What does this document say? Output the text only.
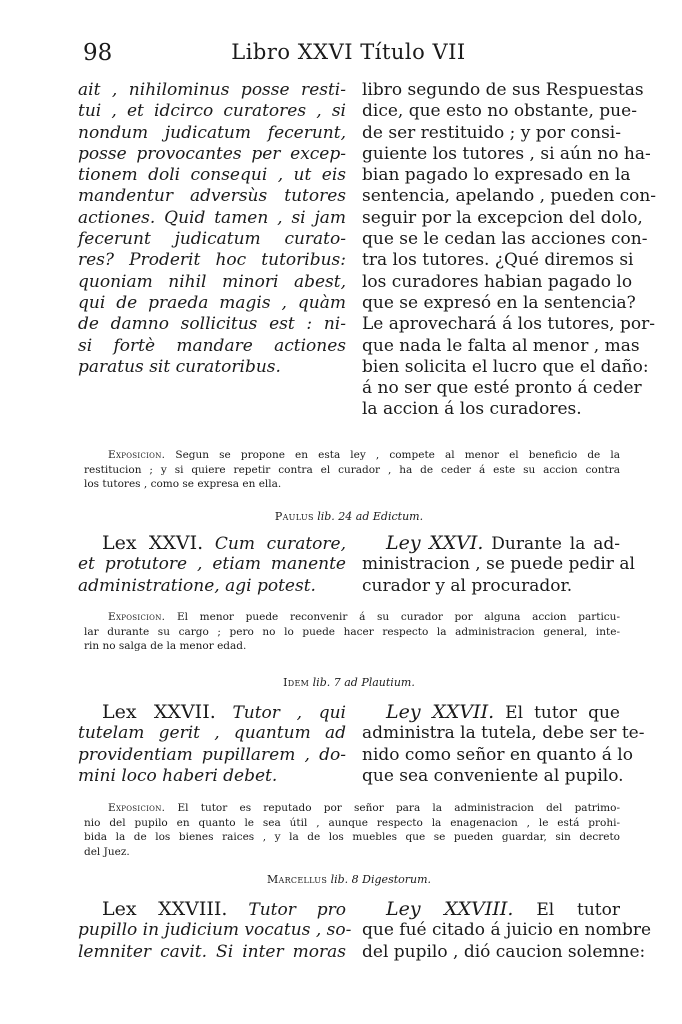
98	Libro XXVI Título VII
ait , nihilominus posse resti-
tui , et idcirco curatores , si
nondum judicatum fecerunt,
posse provocantes per excep-
tionem doli consequi , ut eis
mandentur adversùs tutores
actiones. Quid tamen , si jam
fecerunt judicatum curato-
res? Proderit hoc tutoribus:
quoniam nihil minori abest,
qui de praeda magis , quàm
de damno sollicitus est : ni-
si fortè mandare actiones
paratus sit curatoribus.
libro segundo de sus Respuestas
dice, que esto no obstante, pue-
de ser restituido ; y por consi-
guiente los tutores , si aún no ha-
bian pagado lo expresado en la
sentencia, apelando , pueden con-
seguir por la excepcion del dolo,
que se le cedan las acciones con-
tra los tutores. ¿Qué diremos si
los curadores habian pagado lo
que se expresó en la sentencia?
Le aprovechará á los tutores, por-
que nada le falta al menor , mas
bien solicita el lucro que el daño:
á no ser que esté pronto á ceder
la accion á los curadores.
Exposicion. Segun se propone en esta ley , compete al menor el beneficio de la
restitucion ; y si quiere repetir contra el curador , ha de ceder á este su accion contra
los tutores , como se expresa en ella.
Paulus lib. 24 ad Edictum.
Lex XXVI. Cum curatore,
et protutore , etiam manente
administratione, agi potest.
Ley XXVI. Durante la ad-
ministracion , se puede pedir al
curador y al procurador.
Exposicion. El menor puede reconvenir á su curador por alguna accion particu-
lar durante su cargo ; pero no lo puede hacer respecto la administracion general, inte-
rin no salga de la menor edad.
Idem lib. 7 ad Plautium.
Lex XXVII. Tutor , qui
tutelam gerit , quantum ad
providentiam pupillarem , do-
mini loco haberi debet.
Ley XXVII. El tutor que
administra la tutela, debe ser te-
nido como señor en quanto á lo
que sea conveniente al pupilo.
Exposicion. El tutor es reputado por señor para la administracion del patrimo-
nio del pupilo en quanto le sea útil , aunque respecto la enagenacion , le está prohi-
bida la de los bienes raices , y la de los muebles que se pueden guardar, sin decreto
del Juez.
Marcellus lib. 8 Digestorum.
Lex XXVIII. Tutor pro
pupillo in judicium vocatus , so-
lemniter cavit. Si inter moras
Ley XXVIII. El tutor
que fué citado á juicio en nombre
del pupilo , dió caucion solemne:
